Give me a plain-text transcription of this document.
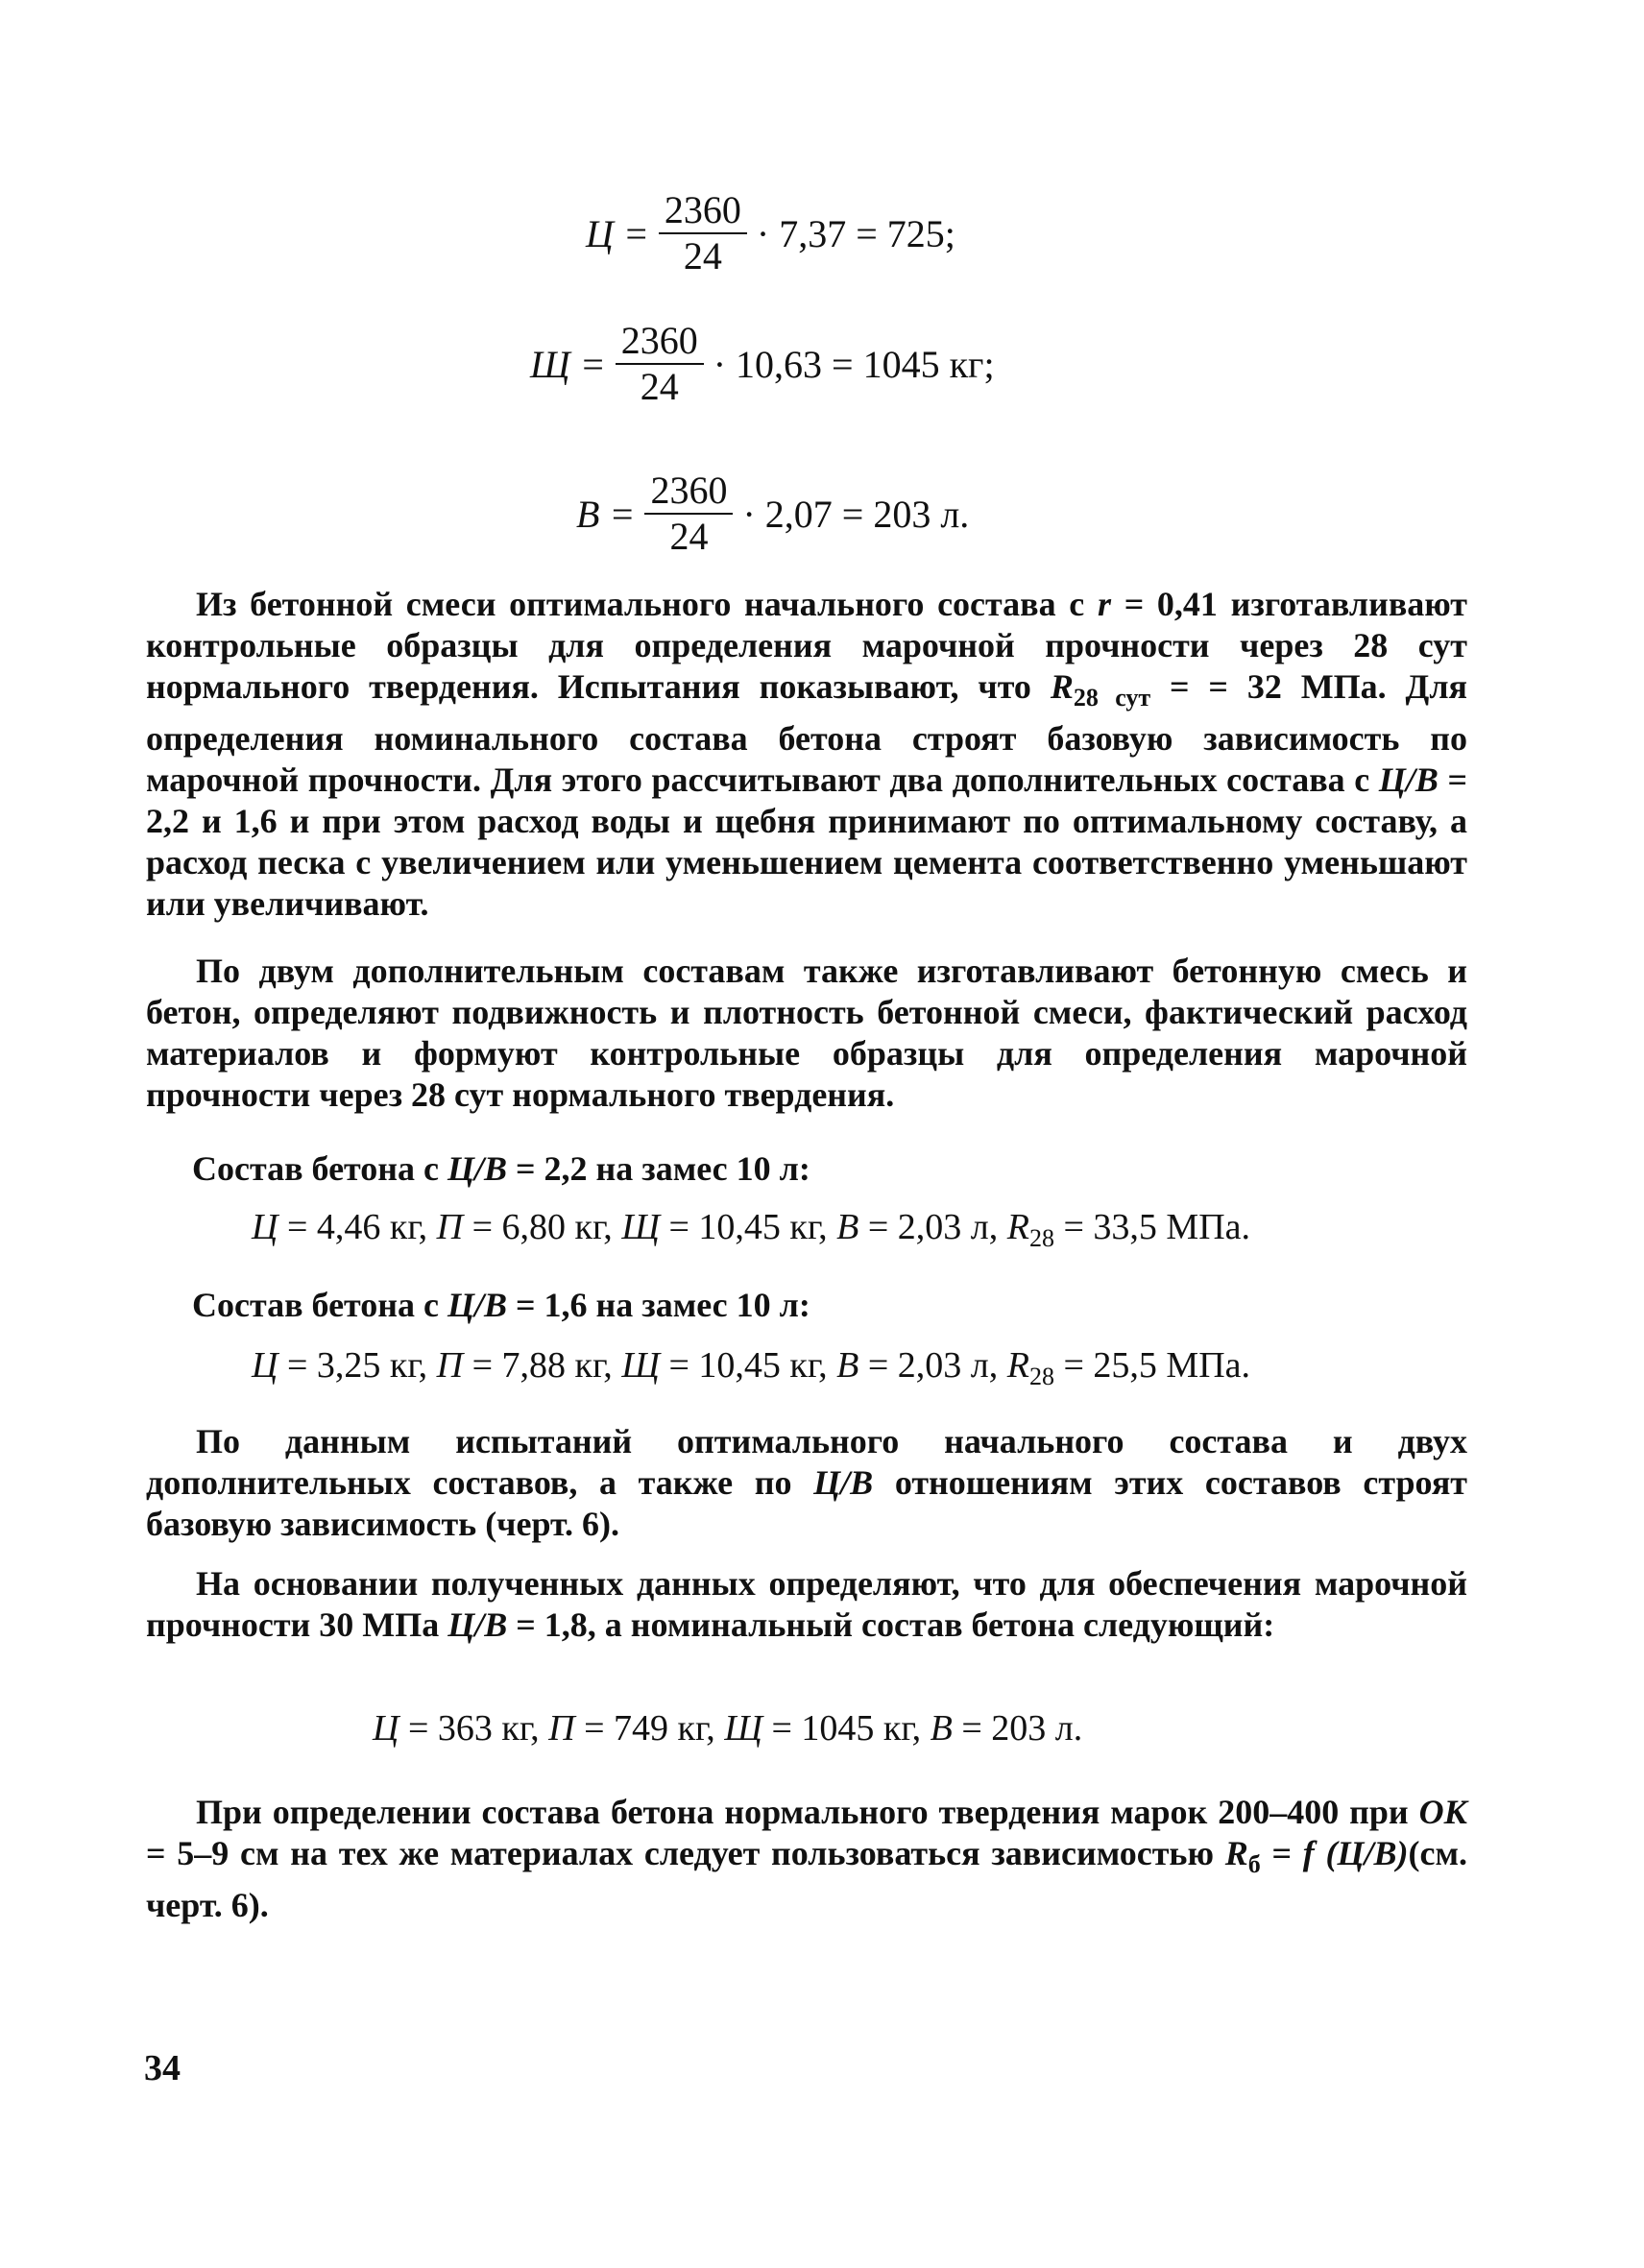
$Ц = \frac{2360}{24} \cdot 7,37 = 725$;
$Щ = \frac{2360}{24} \cdot 10,63 = 1045$ кг;
$В = \frac{2360}{24} \cdot 2,07 = 203$ л.

Из бетонной смеси оптимального начального состава с r = 0,41 изготавливают контрольные образцы для определения марочной прочности через 28 сут нормального твердения. Испытания показывают, что $R_{28 сут}$ = = 32 МПа. Для определения номинального состава бетона строят базовую зависимость по марочной прочности. Для этого рассчитывают два дополнительных состава с Ц/В = 2,2 и 1,6 и при этом расход воды и щебня принимают по оптимальному составу, а расход песка с увеличением или уменьшением цемента соответственно уменьшают или увеличивают.

По двум дополнительным составам также изготавливают бетонную смесь и бетон, определяют подвижность и плотность бетонной смеси, фактический расход материалов и формуют контрольные образцы для определения марочной прочности через 28 сут нормального твердения.

Состав бетона с Ц/В = 2,2 на замес 10 л:
Ц = 4,46 кг, П = 6,80 кг, Щ = 10,45 кг, В = 2,03 л, $R_{28} = 33,5$ МПа.
Состав бетона с Ц/В = 1,6 на замес 10 л:
Ц = 3,25 кг, П = 7,88 кг, Щ = 10,45 кг, В = 2,03 л, $R_{28} = 25,5$ МПа.

По данным испытаний оптимального начального состава и двух дополнительных составов, а также по Ц/В отношениям этих составов строят базовую зависимость (черт. 6).

На основании полученных данных определяют, что для обеспечения марочной прочности 30 МПа Ц/В = 1,8, а номинальный состав бетона следующий:

Ц = 363 кг, П = 749 кг, Щ = 1045 кг, В = 203 л.

При определении состава бетона нормального твердения марок 200–400 при ОК = 5–9 см на тех же материалах следует пользоваться зависимостью $R_б = f$ (Ц/В)(см. черт. 6).

34
